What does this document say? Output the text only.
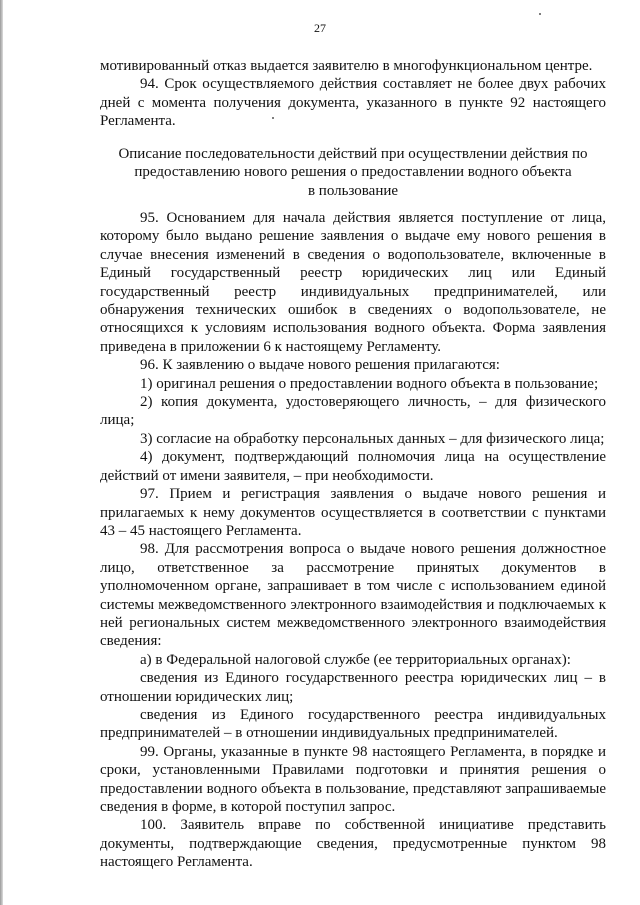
27

мотивированный отказ выдается заявителю в многофункциональном центре.

94. Срок осуществляемого действия составляет не более двух рабочих дней с момента получения документа, указанного в пункте 92 настоящего Регламента.

Описание последовательности действий при осуществлении действия по

предоставлению нового решения о предоставлении водного объекта

в пользование

95. Основанием для начала действия является поступление от лица, которому было выдано решение заявления о выдаче ему нового решения в случае внесения изменений в сведения о водопользователе, включенные в Единый государственный реестр юридических лиц или Единый государственный реестр индивидуальных предпринимателей, или обнаружения технических ошибок в сведениях о водопользователе, не относящихся к условиям использования водного объекта. Форма заявления приведена в приложении 6 к настоящему Регламенту.

96. К заявлению о выдаче нового решения прилагаются:

1) оригинал решения о предоставлении водного объекта в пользование;

2) копия документа, удостоверяющего личность, – для физического лица;

3) согласие на обработку персональных данных – для физического лица;

4) документ, подтверждающий полномочия лица на осуществление действий от имени заявителя, – при необходимости.

97. Прием и регистрация заявления о выдаче нового решения и прилагаемых к нему документов осуществляется в соответствии с пунктами 43 – 45 настоящего Регламента.

98. Для рассмотрения вопроса о выдаче нового решения должностное лицо, ответственное за рассмотрение принятых документов в уполномоченном органе, запрашивает в том числе с использованием единой системы межведомственного электронного взаимодействия и подключаемых к ней региональных систем межведомственного электронного взаимодействия сведения:

а) в Федеральной налоговой службе (ее территориальных органах):

сведения из Единого государственного реестра юридических лиц – в отношении юридических лиц;

сведения из Единого государственного реестра индивидуальных предпринимателей – в отношении индивидуальных предпринимателей.

99. Органы, указанные в пункте 98 настоящего Регламента, в порядке и сроки, установленными Правилами подготовки и принятия решения о предоставлении водного объекта в пользование, представляют запрашиваемые сведения в форме, в которой поступил запрос.

100. Заявитель вправе по собственной инициативе представить документы, подтверждающие сведения, предусмотренные пунктом 98 настоящего Регламента.
